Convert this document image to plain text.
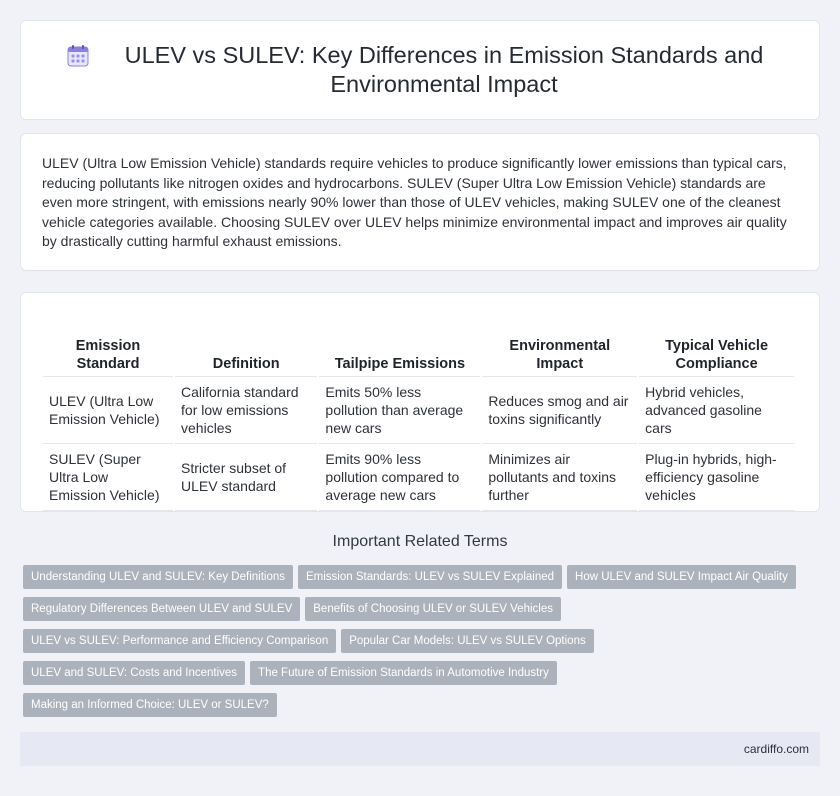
ULEV vs SULEV: Key Differences in Emission Standards and Environmental Impact

ULEV (Ultra Low Emission Vehicle) standards require vehicles to produce significantly lower emissions than typical cars, reducing pollutants like nitrogen oxides and hydrocarbons. SULEV (Super Ultra Low Emission Vehicle) standards are even more stringent, with emissions nearly 90% lower than those of ULEV vehicles, making SULEV one of the cleanest vehicle categories available. Choosing SULEV over ULEV helps minimize environmental impact and improves air quality by drastically cutting harmful exhaust emissions.

Emission Standard	Definition	Tailpipe Emissions	Environmental Impact	Typical Vehicle Compliance
ULEV (Ultra Low Emission Vehicle)	California standard for low emissions vehicles	Emits 50% less pollution than average new cars	Reduces smog and air toxins significantly	Hybrid vehicles, advanced gasoline cars
SULEV (Super Ultra Low Emission Vehicle)	Stricter subset of ULEV standard	Emits 90% less pollution compared to average new cars	Minimizes air pollutants and toxins further	Plug-in hybrids, high-efficiency gasoline vehicles
Important Related Terms
Understanding ULEV and SULEV: Key Definitions Emission Standards: ULEV vs SULEV Explained How ULEV and SULEV Impact Air Quality
Regulatory Differences Between ULEV and SULEV Benefits of Choosing ULEV or SULEV Vehicles
ULEV vs SULEV: Performance and Efficiency Comparison Popular Car Models: ULEV vs SULEV Options
ULEV and SULEV: Costs and Incentives The Future of Emission Standards in Automotive Industry
Making an Informed Choice: ULEV or SULEV?
cardiffo.com
